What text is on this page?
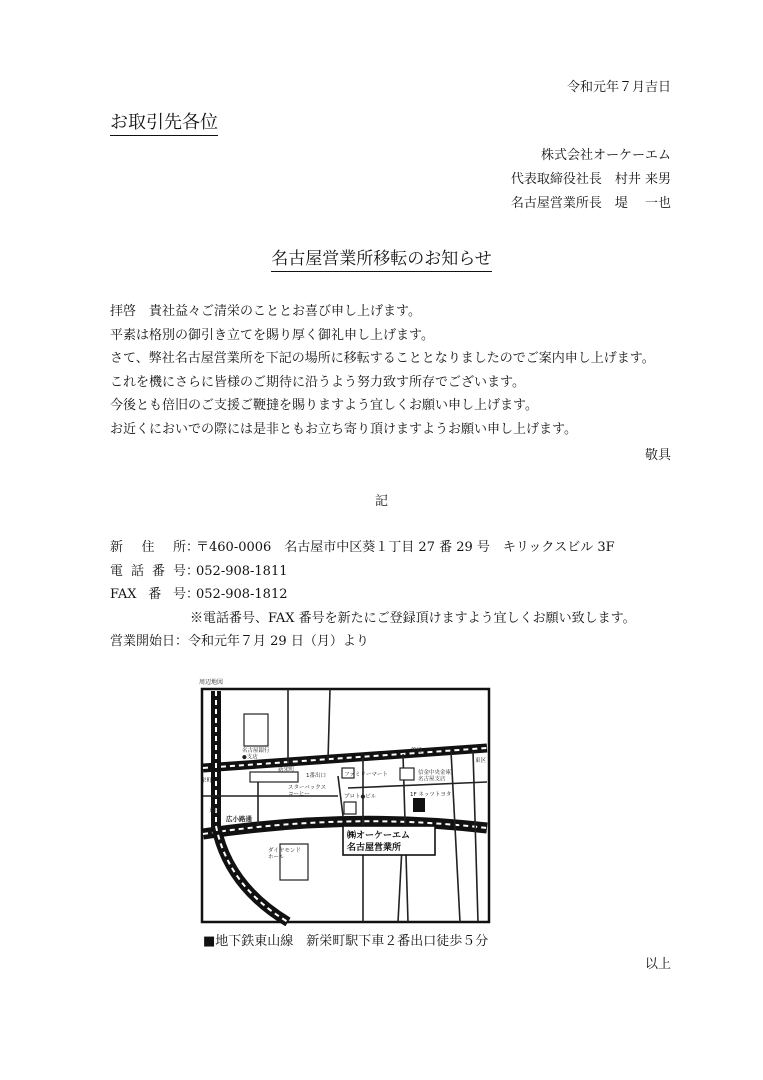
令和元年７月吉日
お取引先各位
株式会社オーケーエム
代表取締役社長　村井 来男
名古屋営業所長　堤　 一也
名古屋営業所移転のお知らせ
拝啓　貴社益々ご清栄のこととお喜び申し上げます。
平素は格別の御引き立てを賜り厚く御礼申し上げます。
さて、弊社名古屋営業所を下記の場所に移転することとなりましたのでご案内申し上げます。
これを機にさらに皆様のご期待に沿うよう努力致す所存でございます。
今後とも倍旧のご支援ご鞭撻を賜りますよう宜しくお願い申し上げます。
お近くにおいでの際には是非ともお立ち寄り頂けますようお願い申し上げます。
敬具
記
新 住 所 ：
〒460‐0006　名古屋市中区葵１丁目 27 番 29 号　キリックスビル 3F
電 話 番 号 ：
052‐908‐1811
FAX 番 号 ：
052‐908‐1812
※電話番号、FAX 番号を新たにご登録頂けますよう宜しくお願い致します。
営業開始日 ： 令和元年７月 29 日（月）より
周辺地図
名古屋銀行●支店
新栄町
1番出口
スターバックスコーヒー
ファミリーマート	信金中央金庫名古屋支店
プロト●ビル	1F ネッツトヨタ
ダイヤモンドホール
広小路通
錦通
栄町
東区
東区
㈱オーケーエム
名古屋営業所
■地下鉄東山線　新栄町駅下車２番出口徒歩５分
以上
